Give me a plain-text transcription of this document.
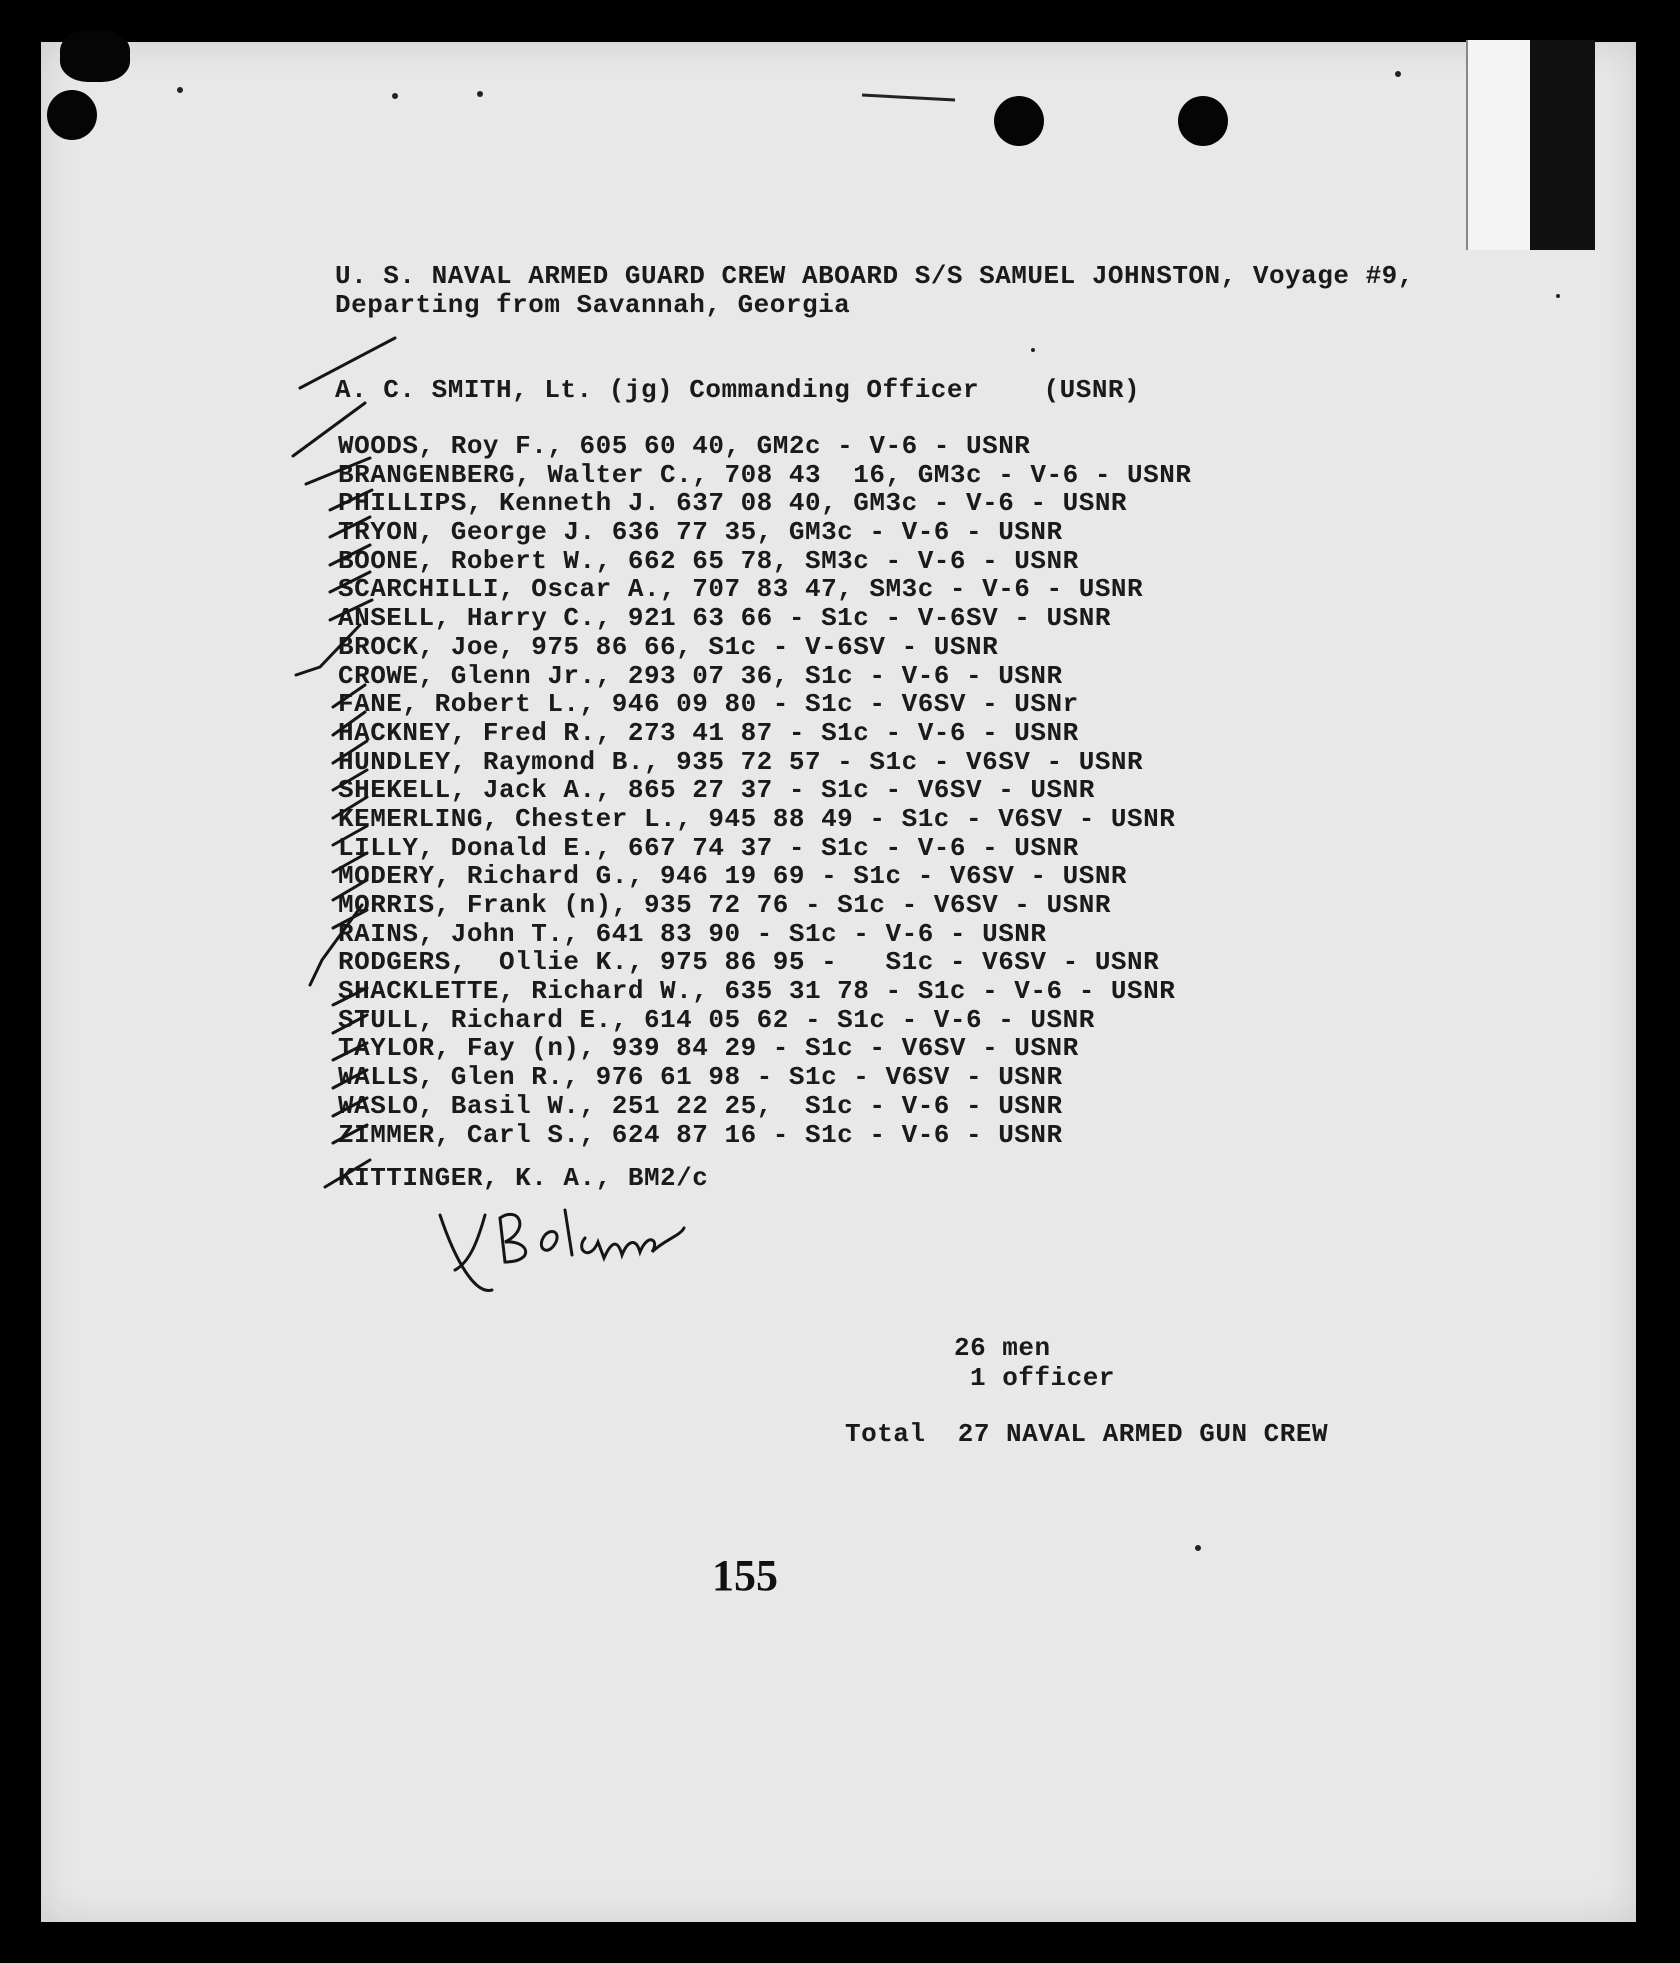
U. S. NAVAL ARMED GUARD CREW ABOARD S/S SAMUEL JOHNSTON, Voyage #9,
Departing from Savannah, Georgia
A. C. SMITH, Lt. (jg) Commanding Officer    (USNR)
WOODS, Roy F., 605 60 40, GM2c - V-6 - USNR
BRANGENBERG, Walter C., 708 43  16, GM3c - V-6 - USNR
PHILLIPS, Kenneth J. 637 08 40, GM3c - V-6 - USNR
TRYON, George J. 636 77 35, GM3c - V-6 - USNR
BOONE, Robert W., 662 65 78, SM3c - V-6 - USNR
SCARCHILLI, Oscar A., 707 83 47, SM3c - V-6 - USNR
ANSELL, Harry C., 921 63 66 - S1c - V-6SV - USNR
BROCK, Joe, 975 86 66, S1c - V-6SV - USNR
CROWE, Glenn Jr., 293 07 36, S1c - V-6 - USNR
FANE, Robert L., 946 09 80 - S1c - V6SV - USNr
HACKNEY, Fred R., 273 41 87 - S1c - V-6 - USNR
HUNDLEY, Raymond B., 935 72 57 - S1c - V6SV - USNR
SHEKELL, Jack A., 865 27 37 - S1c - V6SV - USNR
KEMERLING, Chester L., 945 88 49 - S1c - V6SV - USNR
LILLY, Donald E., 667 74 37 - S1c - V-6 - USNR
MODERY, Richard G., 946 19 69 - S1c - V6SV - USNR
MORRIS, Frank (n), 935 72 76 - S1c - V6SV - USNR
RAINS, John T., 641 83 90 - S1c - V-6 - USNR
RODGERS,  Ollie K., 975 86 95 -   S1c - V6SV - USNR
SHACKLETTE, Richard W., 635 31 78 - S1c - V-6 - USNR
STULL, Richard E., 614 05 62 - S1c - V-6 - USNR
TAYLOR, Fay (n), 939 84 29 - S1c - V6SV - USNR
WALLS, Glen R., 976 61 98 - S1c - V6SV - USNR
WASLO, Basil W., 251 22 25,  S1c - V-6 - USNR
ZIMMER, Carl S., 624 87 16 - S1c - V-6 - USNR
KITTINGER, K. A., BM2/c
26 men
1 officer
Total  27 NAVAL ARMED GUN CREW
155
